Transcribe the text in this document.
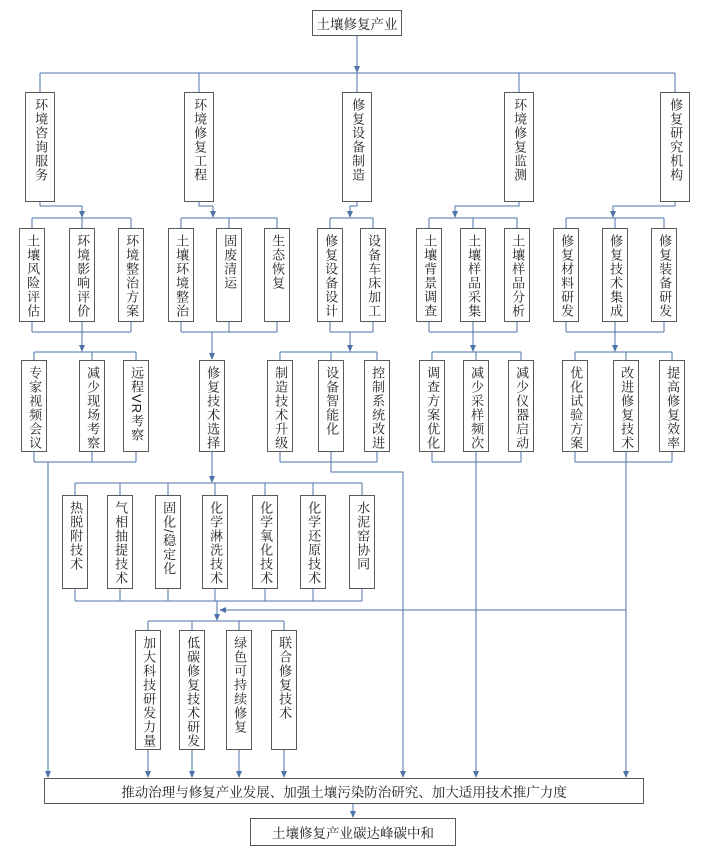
土壤修复产业
环境咨询服务	环境修复工程	修复设备制造	环境修复监测	修复研究机构
土壤风险评估	环境影响评价	环境整治方案	土壤环境整治	固废清运	生态恢复	修复设备设计 设备车床加工	土壤背景调查 土壤样品采集 土壤样品分析	修复材料研发	修复技术集成	修复装备研发
专家视频会议	减少现场考察 远程VR考察	修复技术选择	制造技术升级	设备智能化 控制系统改进	调查方案优化 减少采样频次 减少仪器启动	优化试验方案	改进修复技术 提高修复效率
热脱附技术 气相抽提技术	固化/稳定化 化学淋洗技术	化学氧化技术	化学还原技术	水泥窑协同
加大科技研发力量 低碳修复技术研发 绿色可持续修复 联合修复技术
推动治理与修复产业发展、加强土壤污染防治研究、加大适用技术推广力度
土壤修复产业碳达峰碳中和
